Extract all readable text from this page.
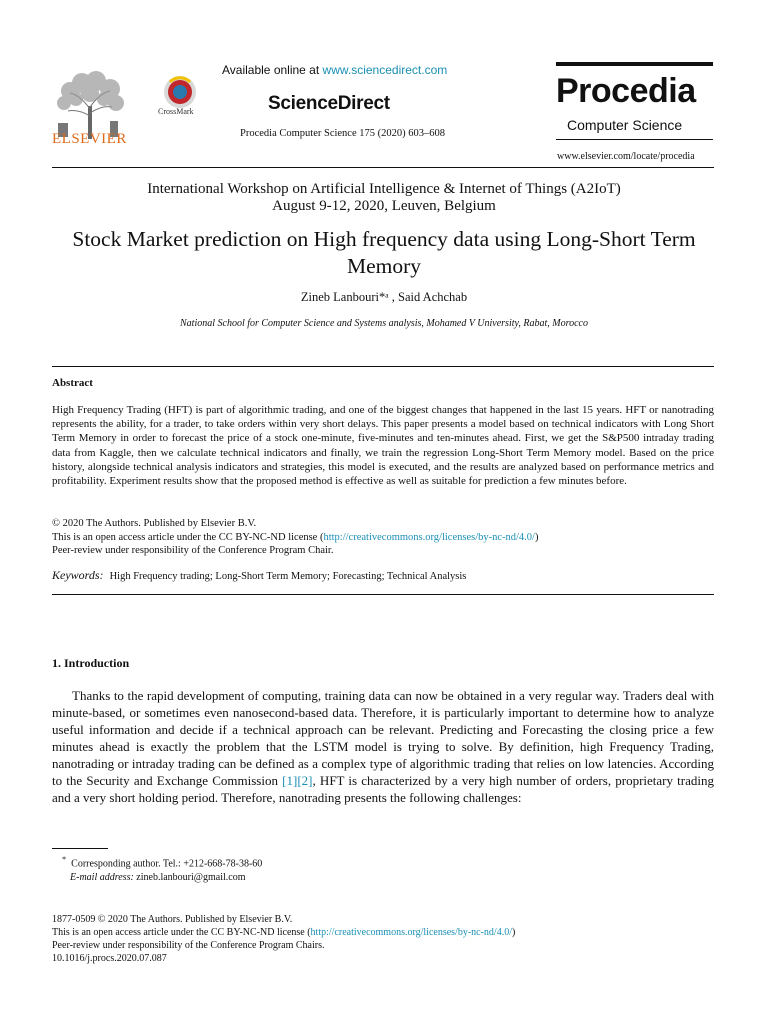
ELSEVIER
CrossMark
Available online at www.sciencedirect.com
ScienceDirect
Procedia Computer Science 175 (2020) 603–608
Procedia
Computer Science
www.elsevier.com/locate/procedia
International Workshop on Artificial Intelligence & Internet of Things (A2IoT)
August 9-12, 2020, Leuven, Belgium
Stock Market prediction on High frequency data using Long-Short Term Memory
Zineb Lanbouri*ᵃ , Said Achchab
National School for Computer Science and Systems analysis, Mohamed V University, Rabat, Morocco
Abstract
High Frequency Trading (HFT) is part of algorithmic trading, and one of the biggest changes that happened in the last 15 years. HFT or nanotrading represents the ability, for a trader, to take orders within very short delays. This paper presents a model based on technical indicators with Long Short Term Memory in order to forecast the price of a stock one-minute, five-minutes and ten-minutes ahead. First, we get the S&P500 intraday trading data from Kaggle, then we calculate technical indicators and finally, we train the regression Long-Short Term Memory model. Based on the price history, alongside technical analysis indicators and strategies, this model is executed, and the results are analyzed based on performance metrics and profitability. Experiment results show that the proposed method is effective as well as suitable for prediction a few minutes before.
© 2020 The Authors. Published by Elsevier B.V.
This is an open access article under the CC BY-NC-ND license (http://creativecommons.org/licenses/by-nc-nd/4.0/)
Peer-review under responsibility of the Conference Program Chair.
Keywords: High Frequency trading; Long-Short Term Memory; Forecasting; Technical Analysis
1. Introduction
Thanks to the rapid development of computing, training data can now be obtained in a very regular way. Traders deal with minute-based, or sometimes even nanosecond-based data. Therefore, it is particularly important to determine how to analyze useful information and decide if a technical approach can be relevant. Predicting and Forecasting the closing price a few minutes ahead is exactly the problem that the LSTM model is trying to solve. By definition, high Frequency Trading, nanotrading or intraday trading can be defined as a complex type of algorithmic trading that relies on low latencies. According to the Security and Exchange Commission [1][2], HFT is characterized by a very high number of orders, proprietary trading and a very short holding period. Therefore, nanotrading presents the following challenges:
* Corresponding author. Tel.: +212-668-78-38-60
E-mail address: zineb.lanbouri@gmail.com
1877-0509 © 2020 The Authors. Published by Elsevier B.V.
This is an open access article under the CC BY-NC-ND license (http://creativecommons.org/licenses/by-nc-nd/4.0/)
Peer-review under responsibility of the Conference Program Chairs.
10.1016/j.procs.2020.07.087
